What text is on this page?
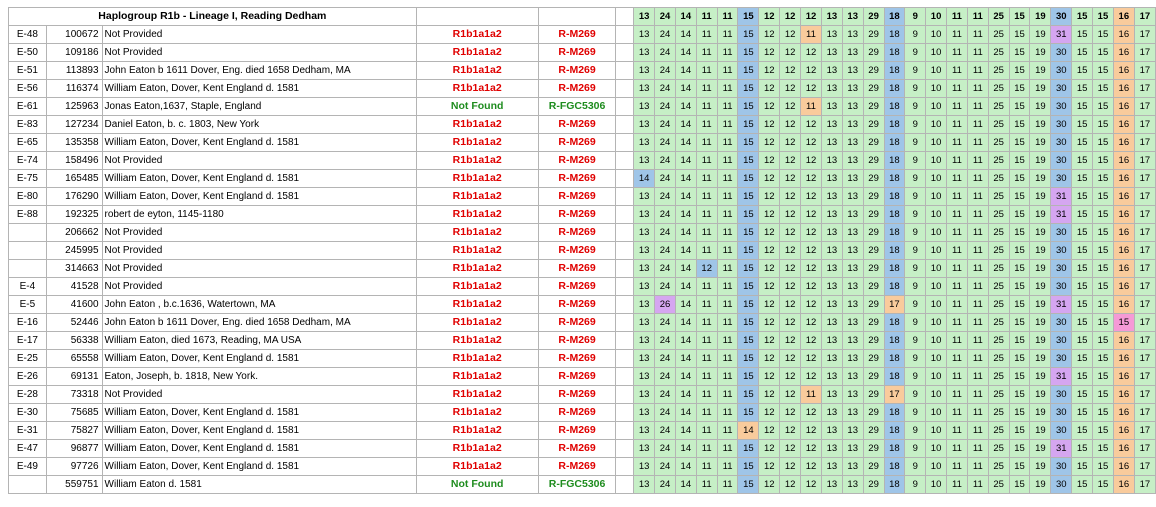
Haplogroup R1b - Lineage I, Reading Dedham						13	24	14	11	11	15	12	12	12	13	13	29	18	9	10	11	11	25	15	19	30	15	15	16	17
E-48	100672	Not Provided	R1b1a1a2	R-M269		13	24	14	11	11	15	12	12	11	13	13	29	18	9	10	11	11	25	15	19	31	15	15	16	17
E-50	109186	Not Provided	R1b1a1a2	R-M269		13	24	14	11	11	15	12	12	12	13	13	29	18	9	10	11	11	25	15	19	30	15	15	16	17
E-51	113893	John Eaton b 1611 Dover, Eng. died 1658 Dedham, MA	R1b1a1a2	R-M269		13	24	14	11	11	15	12	12	12	13	13	29	18	9	10	11	11	25	15	19	30	15	15	16	17
E-56	116374	William Eaton, Dover, Kent England d. 1581	R1b1a1a2	R-M269		13	24	14	11	11	15	12	12	12	13	13	29	18	9	10	11	11	25	15	19	30	15	15	16	17
E-61	125963	Jonas Eaton,1637, Staple, England	Not Found	R-FGC5306		13	24	14	11	11	15	12	12	11	13	13	29	18	9	10	11	11	25	15	19	30	15	15	16	17
E-83	127234	Daniel Eaton, b. c. 1803, New York	R1b1a1a2	R-M269		13	24	14	11	11	15	12	12	12	13	13	29	18	9	10	11	11	25	15	19	30	15	15	16	17
E-65	135358	William Eaton, Dover, Kent England d. 1581	R1b1a1a2	R-M269		13	24	14	11	11	15	12	12	12	13	13	29	18	9	10	11	11	25	15	19	30	15	15	16	17
E-74	158496	Not Provided	R1b1a1a2	R-M269		13	24	14	11	11	15	12	12	12	13	13	29	18	9	10	11	11	25	15	19	30	15	15	16	17
E-75	165485	William Eaton, Dover, Kent England d. 1581	R1b1a1a2	R-M269		14	24	14	11	11	15	12	12	12	13	13	29	18	9	10	11	11	25	15	19	30	15	15	16	17
E-80	176290	William Eaton, Dover, Kent England d. 1581	R1b1a1a2	R-M269		13	24	14	11	11	15	12	12	12	13	13	29	18	9	10	11	11	25	15	19	31	15	15	16	17
E-88	192325	robert de eyton, 1145-1180	R1b1a1a2	R-M269		13	24	14	11	11	15	12	12	12	13	13	29	18	9	10	11	11	25	15	19	31	15	15	16	17
	206662	Not Provided	R1b1a1a2	R-M269		13	24	14	11	11	15	12	12	12	13	13	29	18	9	10	11	11	25	15	19	30	15	15	16	17
	245995	Not Provided	R1b1a1a2	R-M269		13	24	14	11	11	15	12	12	12	13	13	29	18	9	10	11	11	25	15	19	30	15	15	16	17
	314663	Not Provided	R1b1a1a2	R-M269		13	24	14	12	11	15	12	12	12	13	13	29	18	9	10	11	11	25	15	19	30	15	15	16	17
E-4	41528	Not Provided	R1b1a1a2	R-M269		13	24	14	11	11	15	12	12	12	13	13	29	18	9	10	11	11	25	15	19	30	15	15	16	17
E-5	41600	John Eaton , b.c.1636, Watertown, MA	R1b1a1a2	R-M269		13	26	14	11	11	15	12	12	12	13	13	29	17	9	10	11	11	25	15	19	31	15	15	16	17
E-16	52446	John Eaton b 1611 Dover, Eng. died 1658 Dedham, MA	R1b1a1a2	R-M269		13	24	14	11	11	15	12	12	12	13	13	29	18	9	10	11	11	25	15	19	30	15	15	15	17
E-17	56338	William Eaton, died 1673, Reading, MA USA	R1b1a1a2	R-M269		13	24	14	11	11	15	12	12	12	13	13	29	18	9	10	11	11	25	15	19	30	15	15	16	17
E-25	65558	William Eaton, Dover, Kent England d. 1581	R1b1a1a2	R-M269		13	24	14	11	11	15	12	12	12	13	13	29	18	9	10	11	11	25	15	19	30	15	15	16	17
E-26	69131	Eaton, Joseph, b. 1818, New York.	R1b1a1a2	R-M269		13	24	14	11	11	15	12	12	12	13	13	29	18	9	10	11	11	25	15	19	31	15	15	16	17
E-28	73318	Not Provided	R1b1a1a2	R-M269		13	24	14	11	11	15	12	12	11	13	13	29	17	9	10	11	11	25	15	19	30	15	15	16	17
E-30	75685	William Eaton, Dover, Kent England d. 1581	R1b1a1a2	R-M269		13	24	14	11	11	15	12	12	12	13	13	29	18	9	10	11	11	25	15	19	30	15	15	16	17
E-31	75827	William Eaton, Dover, Kent England d. 1581	R1b1a1a2	R-M269		13	24	14	11	11	14	12	12	12	13	13	29	18	9	10	11	11	25	15	19	30	15	15	16	17
E-47	96877	William Eaton, Dover, Kent England d. 1581	R1b1a1a2	R-M269		13	24	14	11	11	15	12	12	12	13	13	29	18	9	10	11	11	25	15	19	31	15	15	16	17
E-49	97726	William Eaton, Dover, Kent England d. 1581	R1b1a1a2	R-M269		13	24	14	11	11	15	12	12	12	13	13	29	18	9	10	11	11	25	15	19	30	15	15	16	17
	559751	William Eaton d. 1581	Not Found	R-FGC5306		13	24	14	11	11	15	12	12	12	13	13	29	18	9	10	11	11	25	15	19	30	15	15	16	17
